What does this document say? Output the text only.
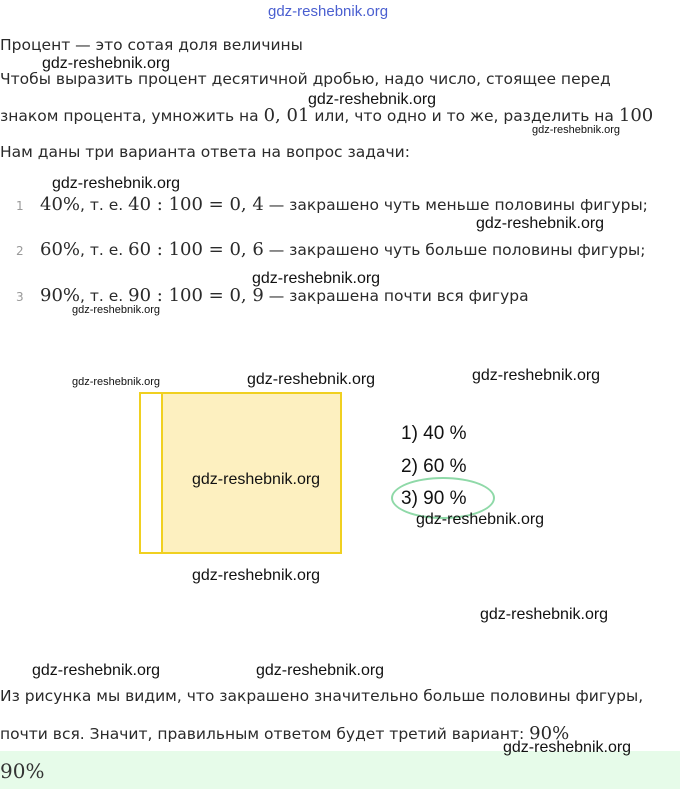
gdz-reshebnik.org
Процент — это сотая доля величины
Чтобы выразить процент десятичной дробью, надо число, стоящее перед
знаком процента, умножить на 0, 01 или, что одно и то же, разделить на 100
Нам даны три варианта ответа на вопрос задачи:
1 40%, т. е. 40 : 100 = 0, 4 — закрашено чуть меньше половины фигуры;
2 60%, т. е. 60 : 100 = 0, 6 — закрашено чуть больше половины фигуры;
3 90%, т. е. 90 : 100 = 0, 9 — закрашена почти вся фигура
1) 40 %
2) 60 %
3) 90 %
Из рисунка мы видим, что закрашено значительно больше половины фигуры,
почти вся. Значит, правильным ответом будет третий вариант: 90%
90%
gdz-reshebnik.org
gdz-reshebnik.org
gdz-reshebnik.org
gdz-reshebnik.org
gdz-reshebnik.org
gdz-reshebnik.org
gdz-reshebnik.org
gdz-reshebnik.org	gdz-reshebnik.org	gdz-reshebnik.org
gdz-reshebnik.org
gdz-reshebnik.org
gdz-reshebnik.org
gdz-reshebnik.org
gdz-reshebnik.org	gdz-reshebnik.org
gdz-reshebnik.org
